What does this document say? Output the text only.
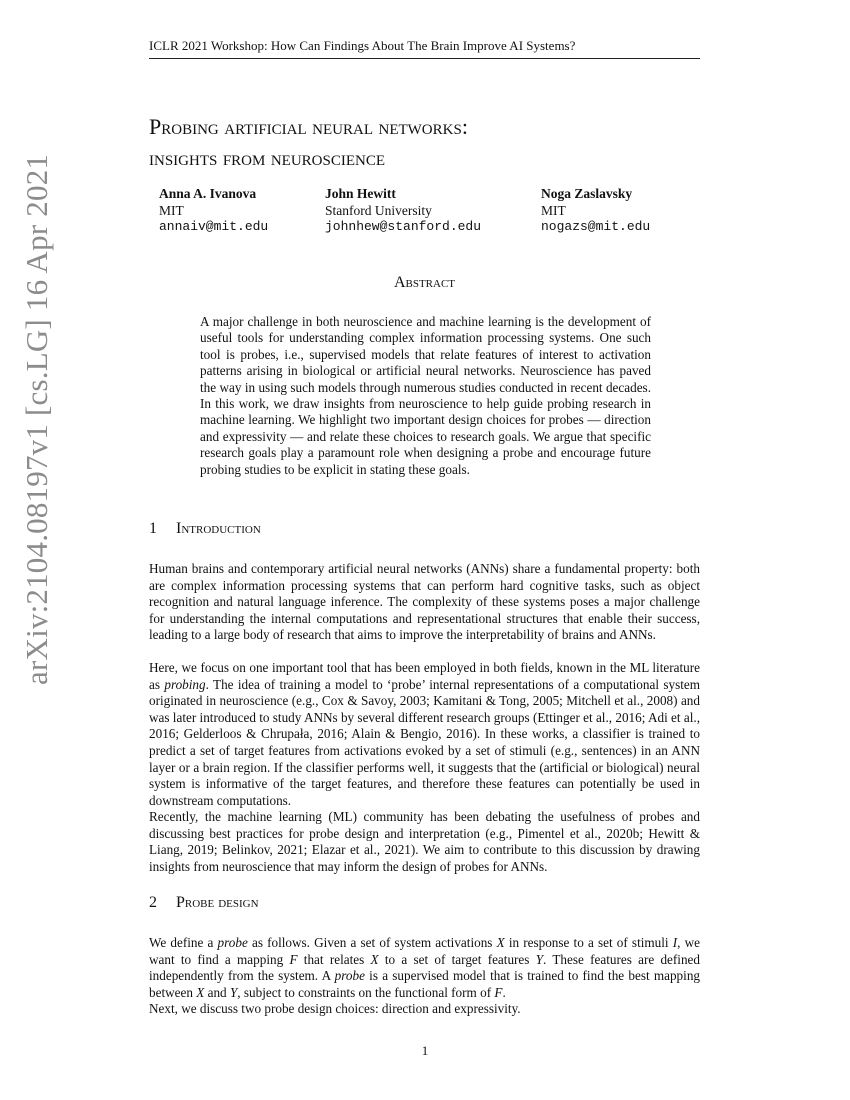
ICLR 2021 Workshop: How Can Findings About The Brain Improve AI Systems?
arXiv:2104.08197v1 [cs.LG] 16 Apr 2021
Probing artificial neural networks:
insights from neuroscience
Anna A. Ivanova
MIT
annaiv@mit.edu
John Hewitt
Stanford University
johnhew@stanford.edu
Noga Zaslavsky
MIT
nogazs@mit.edu
Abstract
A major challenge in both neuroscience and machine learning is the development of useful tools for understanding complex information processing systems. One such tool is probes, i.e., supervised models that relate features of interest to activation patterns arising in biological or artificial neural networks. Neuroscience has paved the way in using such models through numerous studies conducted in recent decades. In this work, we draw insights from neuroscience to help guide probing research in machine learning. We highlight two important design choices for probes — direction and expressivity — and relate these choices to research goals. We argue that specific research goals play a paramount role when designing a probe and encourage future probing studies to be explicit in stating these goals.
1 Introduction

Human brains and contemporary artificial neural networks (ANNs) share a fundamental property: both are complex information processing systems that can perform hard cognitive tasks, such as object recognition and natural language inference. The complexity of these systems poses a major challenge for understanding the internal computations and representational structures that enable their success, leading to a large body of research that aims to improve the interpretability of brains and ANNs.

Here, we focus on one important tool that has been employed in both fields, known in the ML literature as probing. The idea of training a model to ‘probe’ internal representations of a computational system originated in neuroscience (e.g., Cox & Savoy, 2003; Kamitani & Tong, 2005; Mitchell et al., 2008) and was later introduced to study ANNs by several different research groups (Ettinger et al., 2016; Adi et al., 2016; Gelderloos & Chrupała, 2016; Alain & Bengio, 2016). In these works, a classifier is trained to predict a set of target features from activations evoked by a set of stimuli (e.g., sentences) in an ANN layer or a brain region. If the classifier performs well, it suggests that the (artificial or biological) neural system is informative of the target features, and therefore these features can potentially be used in downstream computations.

Recently, the machine learning (ML) community has been debating the usefulness of probes and discussing best practices for probe design and interpretation (e.g., Pimentel et al., 2020b; Hewitt & Liang, 2019; Belinkov, 2021; Elazar et al., 2021). We aim to contribute to this discussion by drawing insights from neuroscience that may inform the design of probes for ANNs.

2 Probe design

We define a probe as follows. Given a set of system activations X in response to a set of stimuli I, we want to find a mapping F that relates X to a set of target features Y. These features are defined independently from the system. A probe is a supervised model that is trained to find the best mapping between X and Y, subject to constraints on the functional form of F.

Next, we discuss two probe design choices: direction and expressivity.

1
